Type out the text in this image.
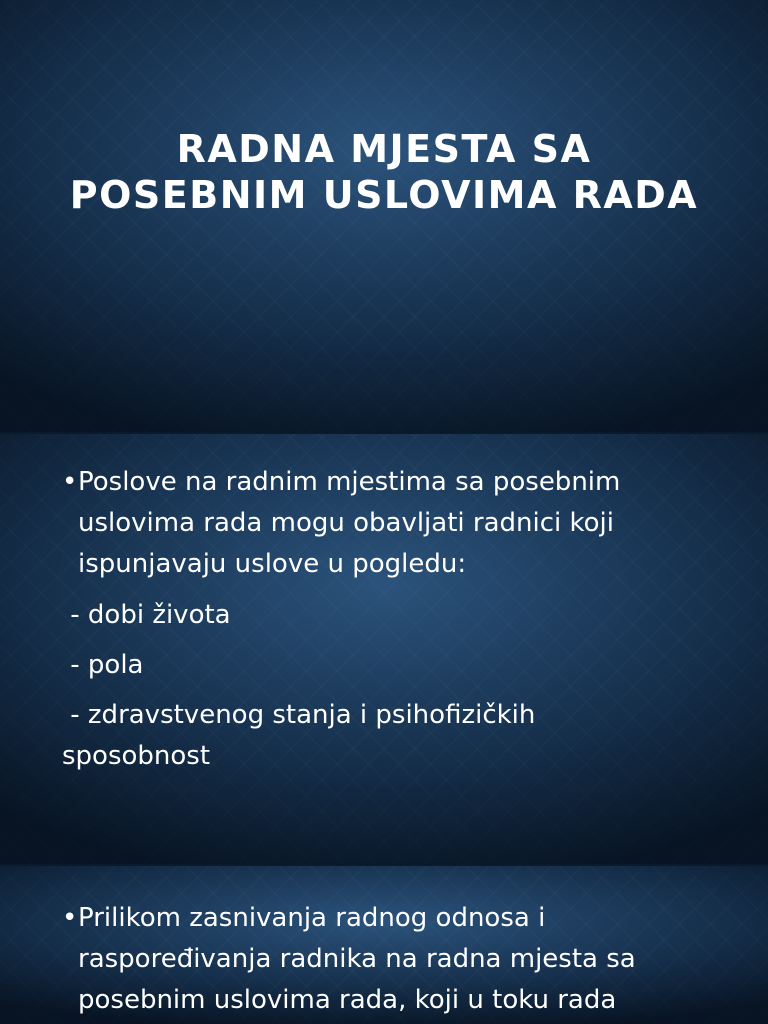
RADNA MJESTA SA
POSEBNIM USLOVIMA RADA
• Poslove na radnim mjestima sa posebnim
uslovima rada mogu obavljati radnici koji
ispunjavaju uslove u pogledu:

- dobi života

- pola

- zdravstvenog stanja i psihofizičkih

sposobnost

• Prilikom zasnivanja radnog odnosa i
raspoređivanja radnika na radna mjesta sa
posebnim uslovima rada, koji u toku rada
